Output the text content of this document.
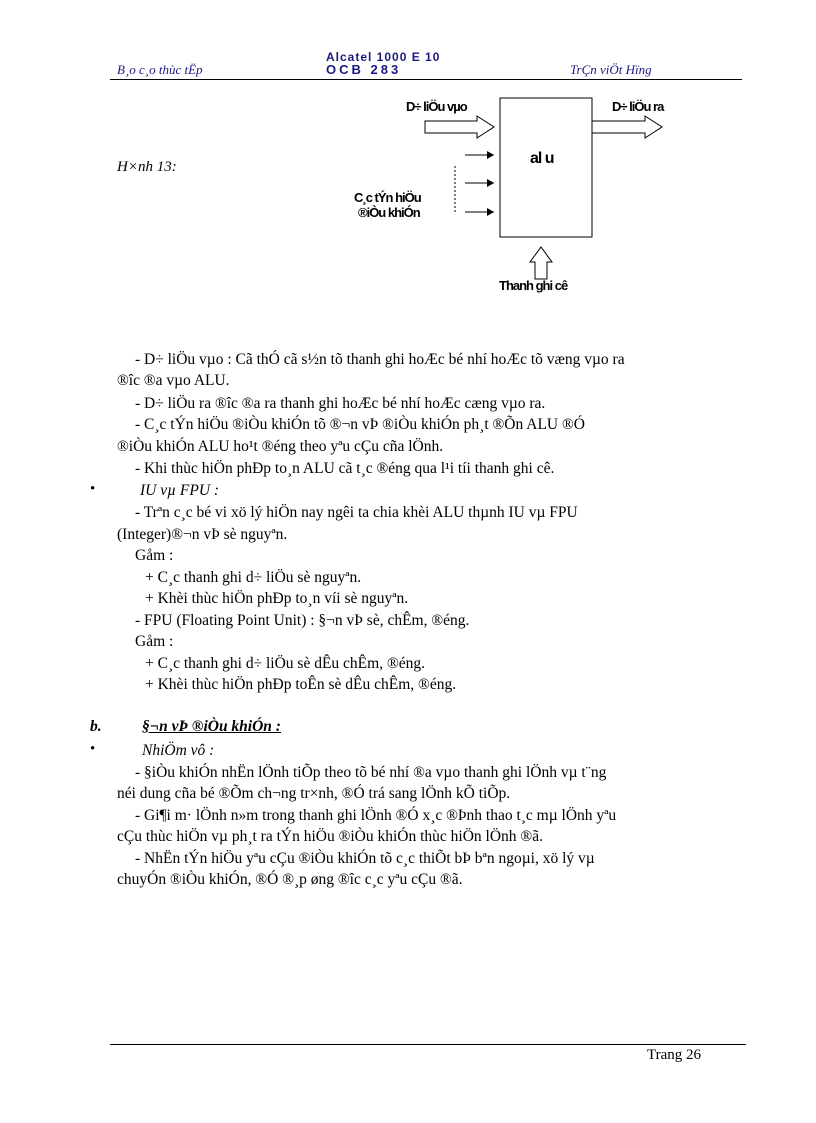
B¸o c¸o thùc tËp
Alcatel 1000 E 10
OCB 283	TrÇn viÖt Hïng
H×nh 13:
D÷ liÖu vµo	D÷ liÖu ra
al u
C¸c tÝn hiÖu
®iÒu khiÓn
Thanh ghi cê
- D÷ liÖu vµo : Cã thÓ cã s½n tõ thanh ghi hoÆc bé nhí hoÆc tõ væng vµo ra
®îc ®a vµo ALU.
- D÷ liÖu ra ®îc ®a ra thanh ghi hoÆc bé nhí hoÆc cæng vµo ra.
- C¸c tÝn hiÖu ®iÒu khiÓn tõ ®¬n vÞ ®iÒu khiÓn ph¸t ®Õn ALU ®Ó
®iÒu khiÓn ALU ho¹t ®éng theo yªu cÇu cña lÖnh.
- Khi thùc hiÖn phÐp to¸n ALU cã t¸c ®éng qua l¹i tíi thanh ghi cê.
•	IU vµ FPU :
- Trªn c¸c bé vi xö lý hiÖn nay ngêi ta chia khèi ALU thµnh IU vµ FPU
(Integer)®¬n vÞ sè nguyªn.
Gåm :
+ C¸c thanh ghi d÷ liÖu sè nguyªn.
+ Khèi thùc hiÖn phÐp to¸n víi sè nguyªn.
- FPU (Floating Point Unit) : §¬n vÞ sè, chÊm, ®éng.
Gåm :
+ C¸c thanh ghi d÷ liÖu sè dÊu chÊm, ®éng.
+ Khèi thùc hiÖn phÐp toÊn sè dÊu chÊm, ®éng.
b.	§¬n vÞ ®iÒu khiÓn :
•	NhiÖm vô :
- §iÒu khiÓn nhËn lÖnh tiÕp theo tõ bé nhí ®a vµo thanh ghi lÖnh vµ t¨ng
néi dung cña bé ®Õm ch¬ng tr×nh, ®Ó trá sang lÖnh kÕ tiÕp.
- Gi¶i m· lÖnh n»m trong thanh ghi lÖnh ®Ó x¸c ®Þnh thao t¸c mµ lÖnh yªu
cÇu thùc hiÖn vµ ph¸t ra tÝn hiÖu ®iÒu khiÓn thùc hiÖn lÖnh ®ã.
- NhËn tÝn hiÖu yªu cÇu ®iÒu khiÓn tõ c¸c thiÕt bÞ bªn ngoµi, xö lý vµ
chuyÓn ®iÒu khiÓn, ®Ó ®¸p øng ®îc c¸c yªu cÇu ®ã.
Trang 26
